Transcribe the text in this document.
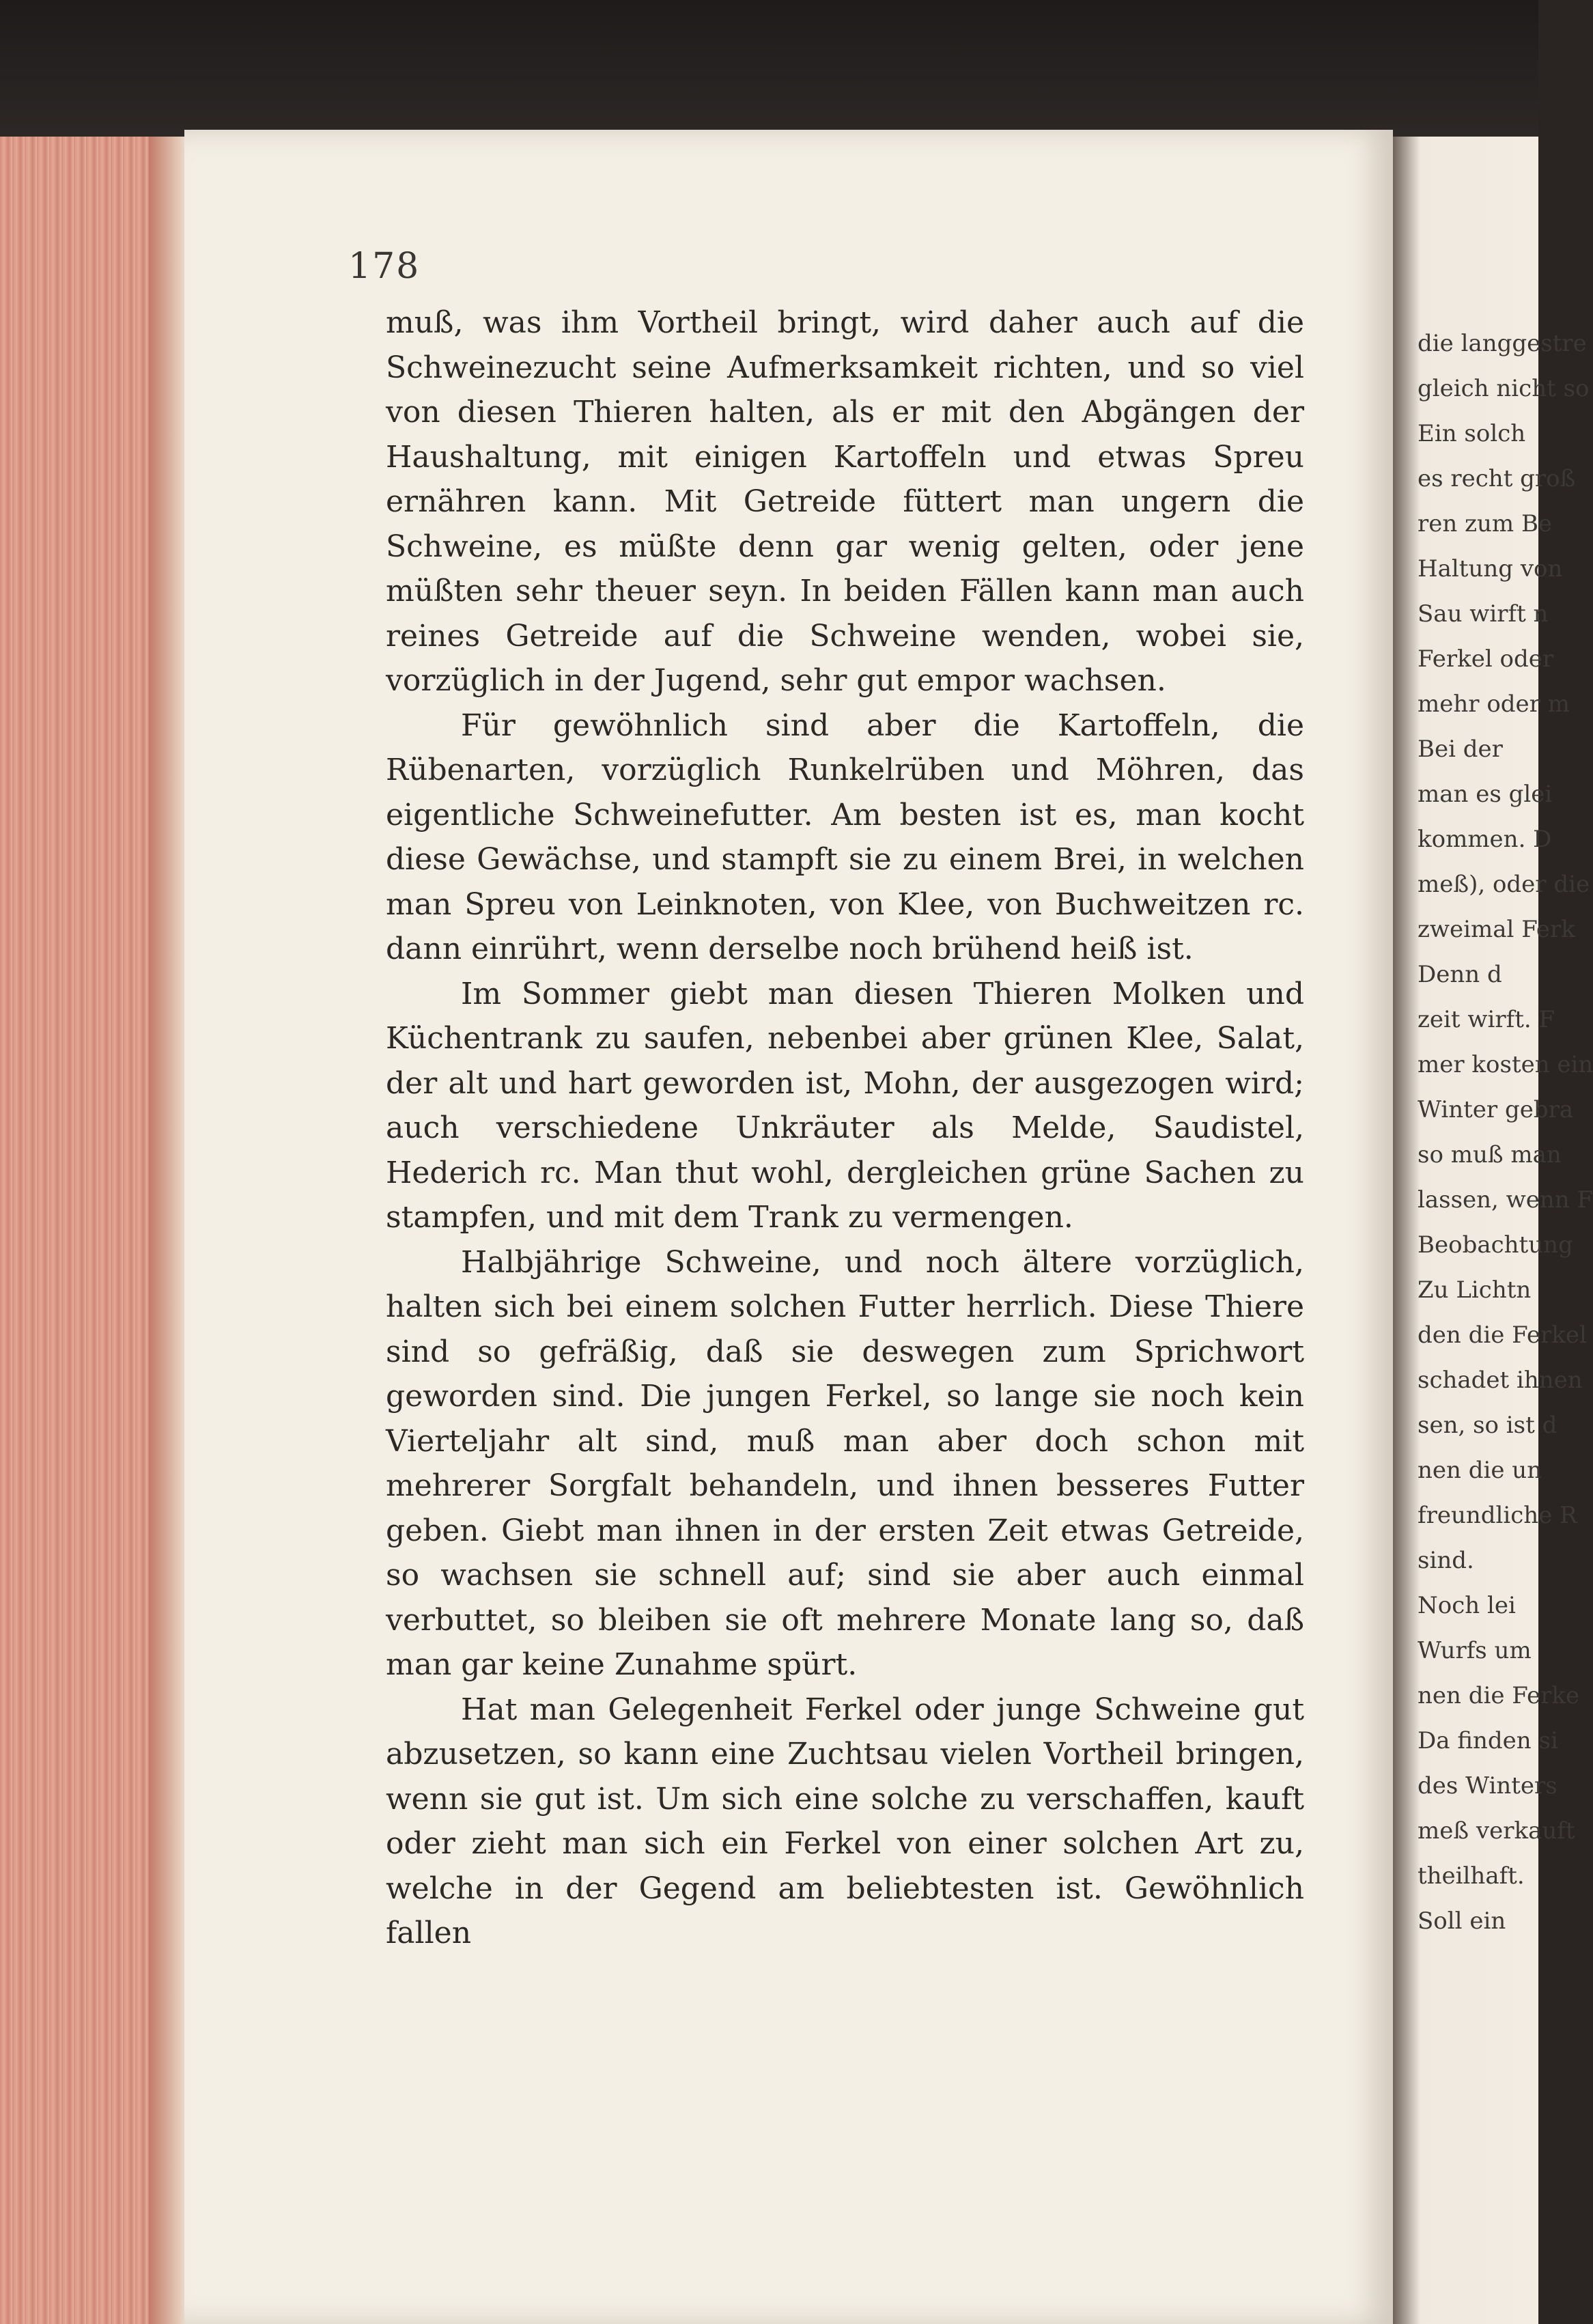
178

muß, was ihm Vortheil bringt, wird daher auch auf die Schweinezucht seine Aufmerksamkeit richten, und so viel von diesen Thieren halten, als er mit den Abgängen der Haushaltung, mit einigen Kartoffeln und etwas Spreu ernähren kann. Mit Getreide füttert man ungern die Schweine, es müßte denn gar wenig gelten, oder jene müßten sehr theuer seyn. In beiden Fällen kann man auch reines Getreide auf die Schweine wenden, wobei sie, vorzüglich in der Jugend, sehr gut empor wachsen.

Für gewöhnlich sind aber die Kartoffeln, die Rübenarten, vorzüglich Runkelrüben und Möhren, das eigentliche Schweinefutter. Am besten ist es, man kocht diese Gewächse, und stampft sie zu einem Brei, in welchen man Spreu von Leinknoten, von Klee, von Buchweitzen rc. dann einrührt, wenn derselbe noch brühend heiß ist.

Im Sommer giebt man diesen Thieren Molken und Küchentrank zu saufen, nebenbei aber grünen Klee, Salat, der alt und hart geworden ist, Mohn, der ausgezogen wird; auch verschiedene Unkräuter als Melde, Saudistel, Hederich rc. Man thut wohl, dergleichen grüne Sachen zu stampfen, und mit dem Trank zu vermengen.

Halbjährige Schweine, und noch ältere vorzüglich, halten sich bei einem solchen Futter herrlich. Diese Thiere sind so gefräßig, daß sie deswegen zum Sprichwort geworden sind. Die jungen Ferkel, so lange sie noch kein Vierteljahr alt sind, muß man aber doch schon mit mehrerer Sorgfalt behandeln, und ihnen besseres Futter geben. Giebt man ihnen in der ersten Zeit etwas Getreide, so wachsen sie schnell auf; sind sie aber auch einmal verbuttet, so bleiben sie oft mehrere Monate lang so, daß man gar keine Zunahme spürt.

Hat man Gelegenheit Ferkel oder junge Schweine gut abzusetzen, so kann eine Zuchtsau vielen Vortheil bringen, wenn sie gut ist. Um sich eine solche zu verschaffen, kauft oder zieht man sich ein Ferkel von einer solchen Art zu, welche in der Gegend am beliebtesten ist. Gewöhnlich fallen

die langgestre
gleich nicht so
Ein solch
es recht groß
ren zum Be
Haltung von
Sau wirft n
Ferkel oder
mehr oder m
Bei der
man es glei
kommen. D
meß), oder die
zweimal Ferk
Denn d
zeit wirft. F
mer kosten ein
Winter gebra
so muß man
lassen, wenn F
Beobachtung
Zu Lichtn
den die Ferkel
schadet ihnen
sen, so ist d
nen die un
freundliche R
sind.
Noch lei
Wurfs um
nen die Ferke
Da finden si
des Winters
meß verkauft
theilhaft.
Soll ein
